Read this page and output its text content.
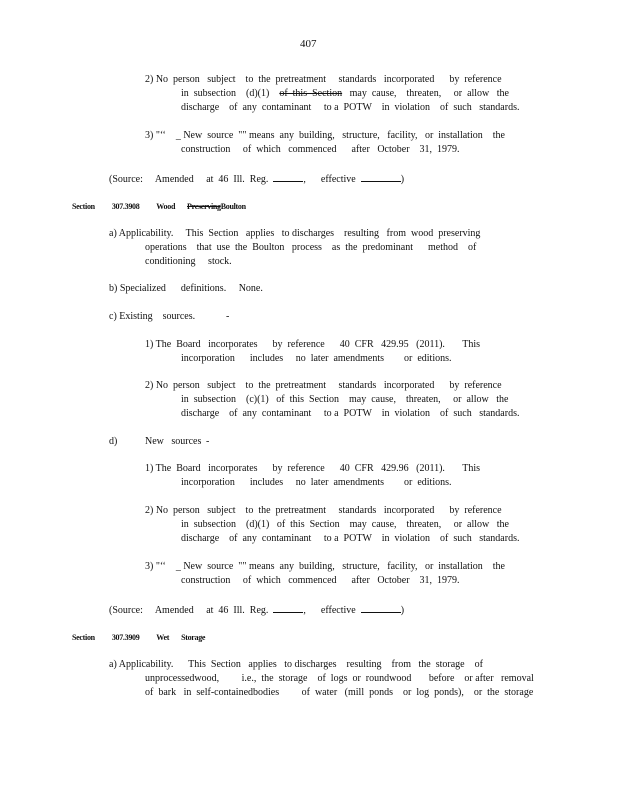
407
2) No  person   subject    to  the  pretreatment     standards   incorporated      by  reference
in  subsection    (d)(1)    of  this  Section   may  cause,    threaten,     or  allow   the
discharge    of  any  contaminant     to a  POTW    in  violation    of  such   standards.
3) "‘‘    _ New  source  "" means  any  building,   structure,   facility,   or  installation    the
construction     of  which   commenced      after   October    31,  1979.
(Source:     Amended     at  46  Ill.  Reg.	,      effective	)
Section 307.3908 Wood PreservingBoulton
a) Applicability.     This  Section   applies   to discharges    resulting   from  wood  preserving
operations    that  use  the  Boulton   process    as  the  predominant      method    of
conditioning     stock.
b) Specialized      definitions.     None.
c) Existing    sources.	-
1) The  Board   incorporates      by  reference      40  CFR   429.95   (2011).       This
incorporation      includes     no  later  amendments        or  editions.
2) No  person   subject    to  the  pretreatment     standards   incorporated      by  reference
in  subsection    (c)(1)   of  this  Section    may  cause,    threaten,     or  allow   the
discharge    of  any  contaminant     to a  POTW    in  violation    of  such   standards.
d)	New   sources -
1) The  Board   incorporates      by  reference      40  CFR   429.96   (2011).       This
incorporation      includes     no  later  amendments        or  editions.
2) No  person   subject    to  the  pretreatment     standards   incorporated      by  reference
in  subsection    (d)(1)   of  this  Section    may  cause,    threaten,     or  allow   the
discharge    of  any  contaminant     to a  POTW    in  violation    of  such   standards.
3) "‘‘    _ New  source  "" means  any  building,   structure,   facility,   or  installation    the
construction     of  which   commenced      after   October    31,  1979.
(Source:     Amended     at  46  Ill.  Reg.	,      effective	)
Section 307.3909 Wet Storage
a) Applicability.      This  Section   applies   to discharges    resulting    from   the  storage    of
unprocessedwood,         i.e.,  the  storage    of  logs  or  roundwood       before    or after   removal
of  bark   in  self-containedbodies         of  water   (mill  ponds    or  log  ponds),    or  the  storage
